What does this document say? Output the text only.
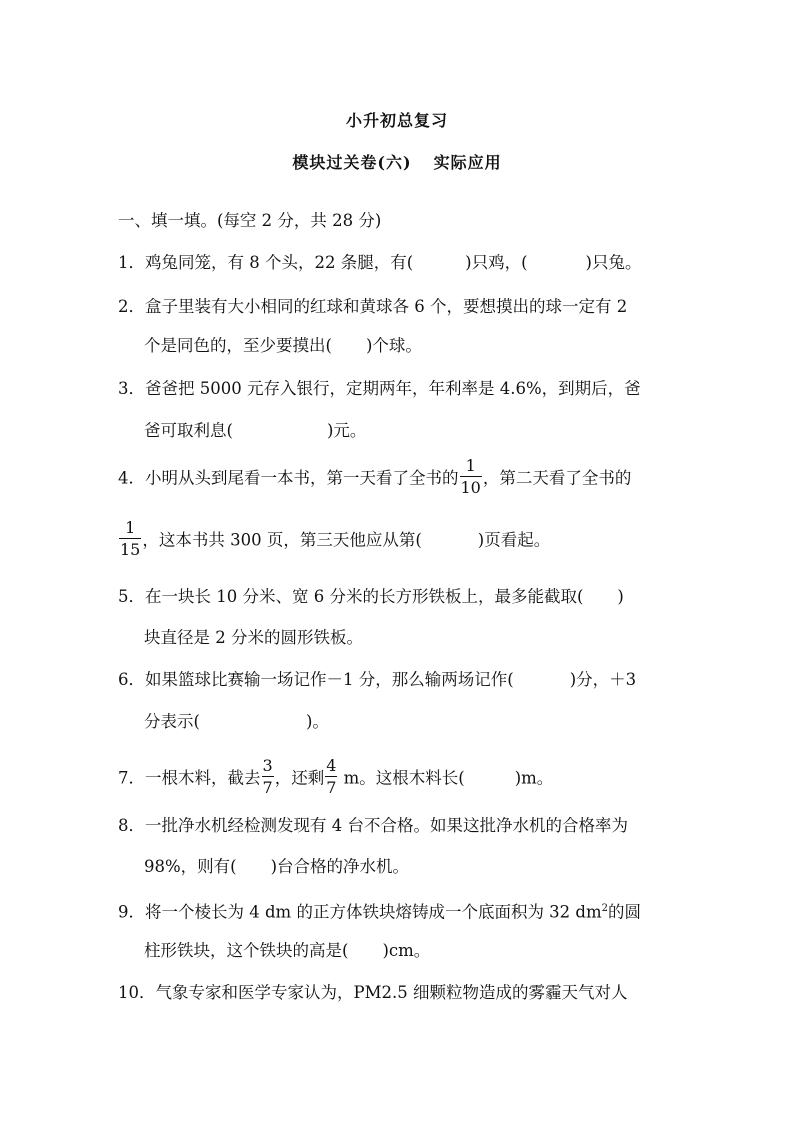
小升初总复习
模块过关卷(六) 实际应用
一、填一填。(每空 2 分，共 28 分)
1．鸡兔同笼，有 8 个头，22 条腿，有(	)只鸡，(	)只兔。
2．盒子里装有大小相同的红球和黄球各 6 个，要想摸出的球一定有 2
个是同色的，至少要摸出( )个球。
3．爸爸把 5000 元存入银行，定期两年，年利率是 4.6%，到期后，爸
爸可取利息(	)元。
4．小明从头到尾看一本书，第一天看了全书的 $\frac{1}{10}$ ，第二天看了全书的
$\frac{1}{15}$ ，这本书共 300 页，第三天他应从第(	)页看起。
5．在一块长 10 分米、宽 6 分米的长方形铁板上，最多能截取( )
块直径是 2 分米的圆形铁板。
6．如果篮球比赛输一场记作－1 分，那么输两场记作(	)分，＋3
分表示(	)。
7．一根木料，截去 $\frac{3}{7}$ ，还剩 $\frac{4}{7}$ m。这根木料长(	)m。
8．一批净水机经检测发现有 4 台不合格。如果这批净水机的合格率为
98%，则有( )台合格的净水机。
9．将一个棱长为 4 dm 的正方体铁块熔铸成一个底面积为 32 $dm^2$的圆
柱形铁块，这个铁块的高是( )cm。
10．气象专家和医学专家认为，PM2.5 细颗粒物造成的雾霾天气对人
